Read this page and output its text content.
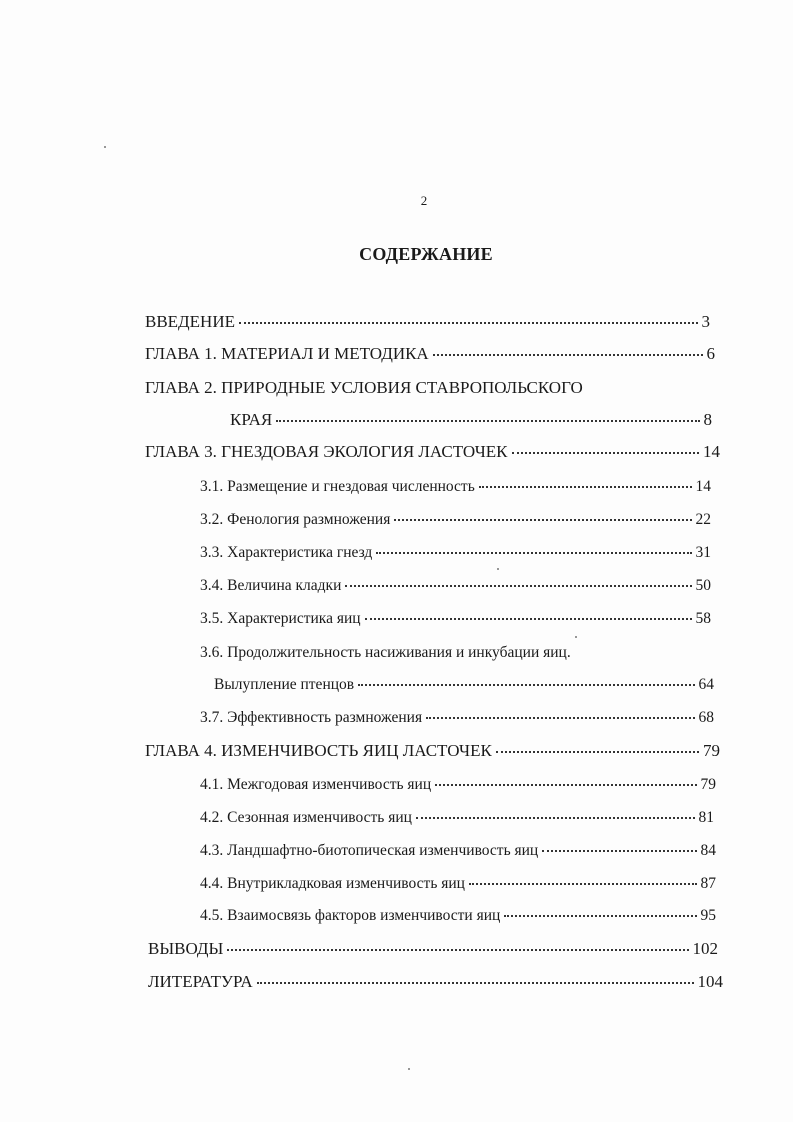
2
СОДЕРЖАНИЕ
ВВЕДЕНИЕ	3
ГЛАВА 1. МАТЕРИАЛ И МЕТОДИКА	6
ГЛАВА 2. ПРИРОДНЫЕ УСЛОВИЯ СТАВРОПОЛЬСКОГО
КРАЯ	8
ГЛАВА 3. ГНЕЗДОВАЯ ЭКОЛОГИЯ ЛАСТОЧЕК	14
3.1. Размещение и гнездовая численность	14
3.2. Фенология размножения	22
3.3. Характеристика гнезд	31
3.4. Величина кладки	50
3.5. Характеристика яиц	58
3.6. Продолжительность насиживания и инкубации яиц.
Вылупление птенцов	64
3.7. Эффективность размножения	68
ГЛАВА 4. ИЗМЕНЧИВОСТЬ ЯИЦ ЛАСТОЧЕК	79
4.1. Межгодовая изменчивость яиц	79
4.2. Сезонная изменчивость яиц	81
4.3. Ландшафтно-биотопическая изменчивость яиц	84
4.4. Внутрикладковая изменчивость яиц	87
4.5. Взаимосвязь факторов изменчивости яиц	95
ВЫВОДЫ	102
ЛИТЕРАТУРА	104
